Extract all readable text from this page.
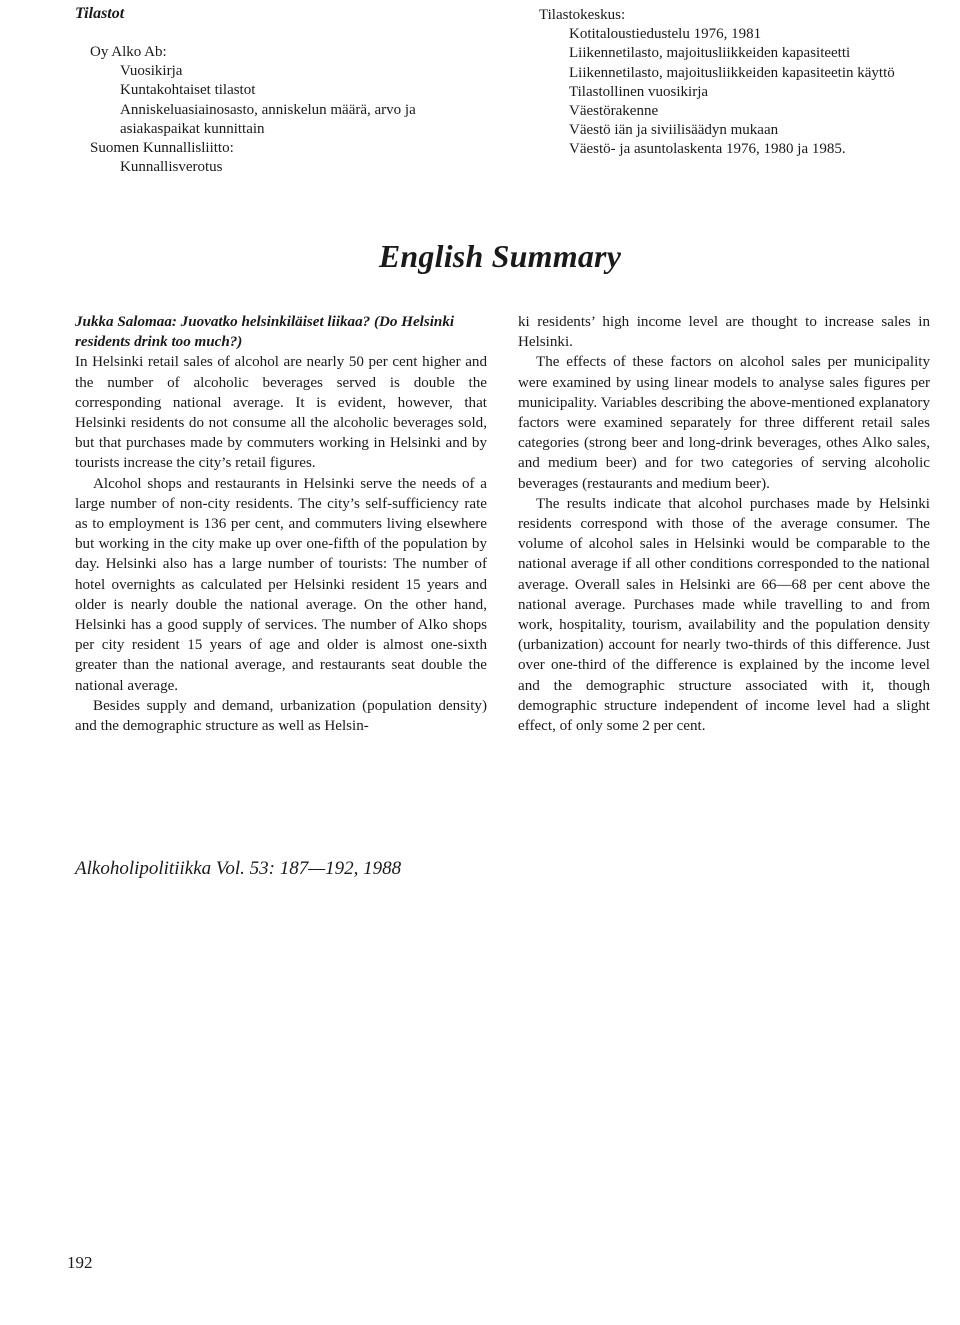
Tilastot
Oy Alko Ab:
Vuosikirja
Kuntakohtaiset tilastot
Anniskeluasiainosasto, anniskelun määrä, arvo ja asiakaspaikat kunnittain
Suomen Kunnallisliitto:
Kunnallisverotus
Tilastokeskus:
Kotitaloustiedustelu 1976, 1981
Liikennetilasto, majoitusliikkeiden kapasiteetti
Liikennetilasto, majoitusliikkeiden kapasiteetin käyttö
Tilastollinen vuosikirja
Väestörakenne
Väestö iän ja siviilisäädyn mukaan
Väestö- ja asuntolaskenta 1976, 1980 ja 1985.
English Summary
Jukka Salomaa: Juovatko helsinkiläiset liikaa? (Do Helsinki residents drink too much?)

In Helsinki retail sales of alcohol are nearly 50 per cent higher and the number of alcoholic beverages served is double the corresponding national average. It is evident, however, that Helsinki residents do not consume all the alcoholic beverages sold, but that purchases made by commuters working in Helsinki and by tourists increase the city’s retail figures.

Alcohol shops and restaurants in Helsinki serve the needs of a large number of non-city residents. The city’s self-sufficiency rate as to employment is 136 per cent, and commuters living elsewhere but working in the city make up over one-fifth of the population by day. Helsinki also has a large number of tourists: The number of hotel overnights as calculated per Helsinki resident 15 years and older is nearly double the national average. On the other hand, Helsinki has a good supply of services. The number of Alko shops per city resident 15 years of age and older is almost one-sixth greater than the national average, and restaurants seat double the national average.

Besides supply and demand, urbanization (population density) and the demographic structure as well as Helsin-

ki residents’ high income level are thought to increase sales in Helsinki.

The effects of these factors on alcohol sales per municipality were examined by using linear models to analyse sales figures per municipality. Variables describing the above-mentioned explanatory factors were examined separately for three different retail sales categories (strong beer and long-drink beverages, othes Alko sales, and medium beer) and for two categories of serving alcoholic beverages (restaurants and medium beer).

The results indicate that alcohol purchases made by Helsinki residents correspond with those of the average consumer. The volume of alcohol sales in Helsinki would be comparable to the national average if all other conditions corresponded to the national average. Overall sales in Helsinki are 66—68 per cent above the national average. Purchases made while travelling to and from work, hospitality, tourism, availability and the population density (urbanization) account for nearly two-thirds of this difference. Just over one-third of the difference is explained by the income level and the demographic structure associated with it, though demographic structure independent of income level had a slight effect, of only some 2 per cent.

Alkoholipolitiikka Vol. 53: 187—192, 1988
192
